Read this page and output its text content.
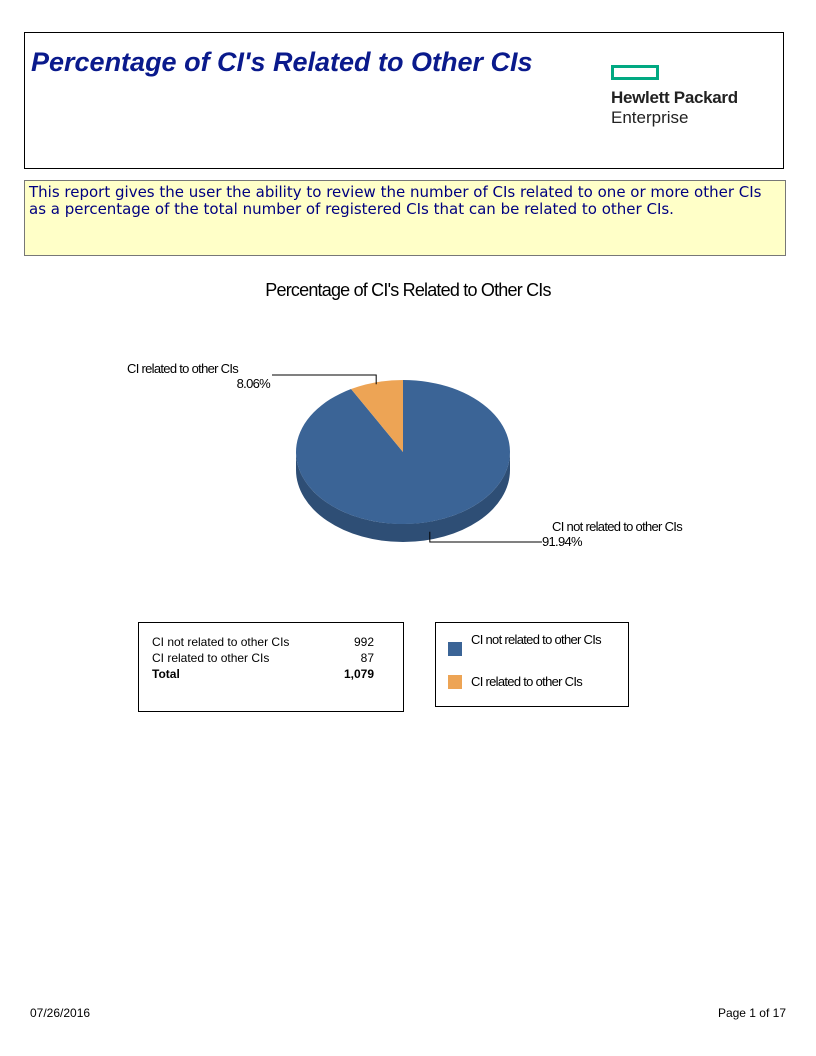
Percentage of CI's Related to Other CIs
Hewlett Packard
Enterprise
This report gives the user the ability to review the number of CIs related to one or more other CIs as a percentage of the total number of registered CIs that can be related to other CIs.
Percentage of CI's Related to Other CIs
CI related to other CIs
8.06%
CI not related to other CIs
91.94%
CI not related to other CIs	992
CI related to other CIs	87
Total	1,079
CI not related to other CIs
CI related to other CIs
07/26/2016	Page 1 of 17
